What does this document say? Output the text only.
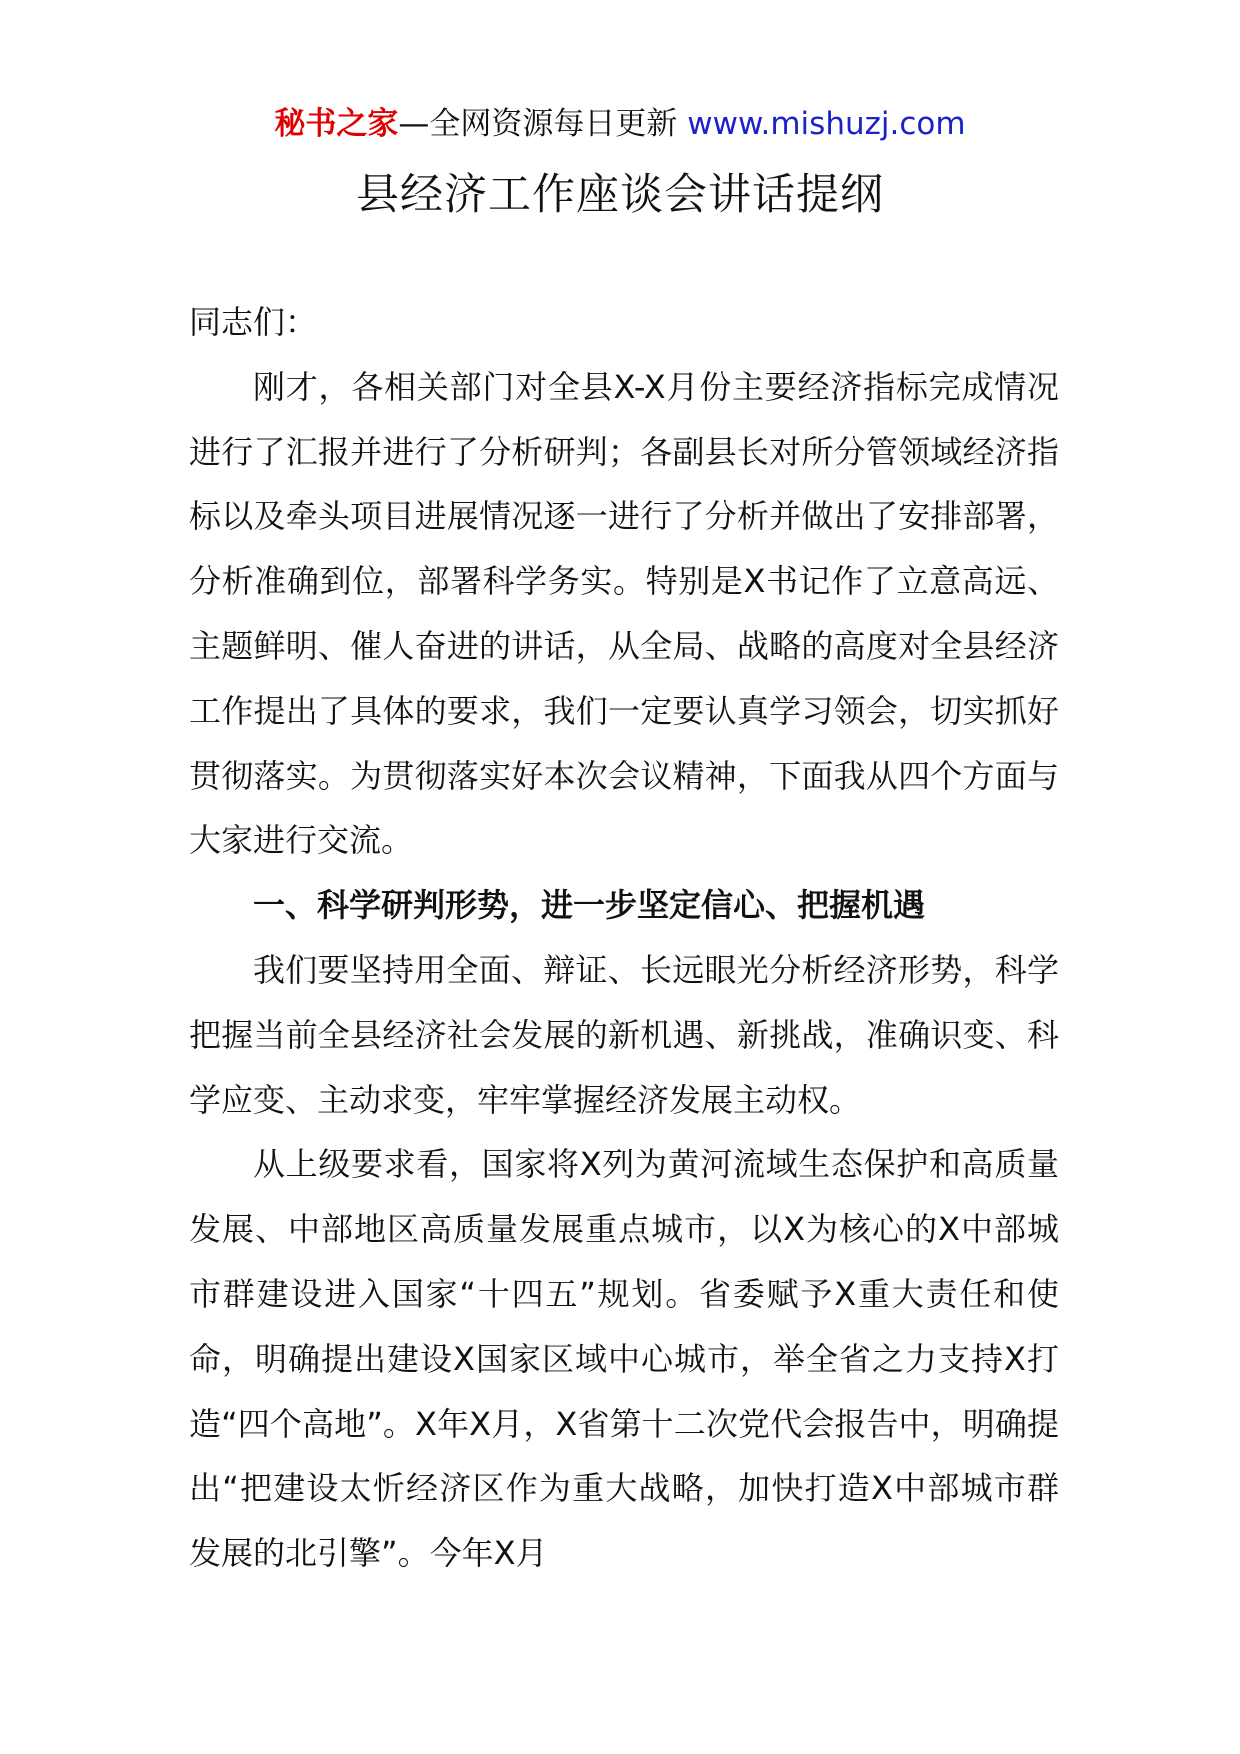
秘书之家—全网资源每日更新 www.mishuzj.com
县经济工作座谈会讲话提纲

同志们：

刚才，各相关部门对全县X-X月份主要经济指标完成情况进行了汇报并进行了分析研判；各副县长对所分管领域经济指标以及牵头项目进展情况逐一进行了分析并做出了安排部署，分析准确到位，部署科学务实。特别是X书记作了立意高远、主题鲜明、催人奋进的讲话，从全局、战略的高度对全县经济工作提出了具体的要求，我们一定要认真学习领会，切实抓好贯彻落实。为贯彻落实好本次会议精神，下面我从四个方面与大家进行交流。

一、科学研判形势，进一步坚定信心、把握机遇

我们要坚持用全面、辩证、长远眼光分析经济形势，科学把握当前全县经济社会发展的新机遇、新挑战，准确识变、科学应变、主动求变，牢牢掌握经济发展主动权。

从上级要求看，国家将X列为黄河流域生态保护和高质量发展、中部地区高质量发展重点城市，以X为核心的X中部城市群建设进入国家“十四五”规划。省委赋予X重大责任和使命，明确提出建设X国家区域中心城市，举全省之力支持X打造“四个高地”。X年X月，X省第十二次党代会报告中，明确提出“把建设太忻经济区作为重大战略，加快打造X中部城市群发展的北引擎”。今年X月
